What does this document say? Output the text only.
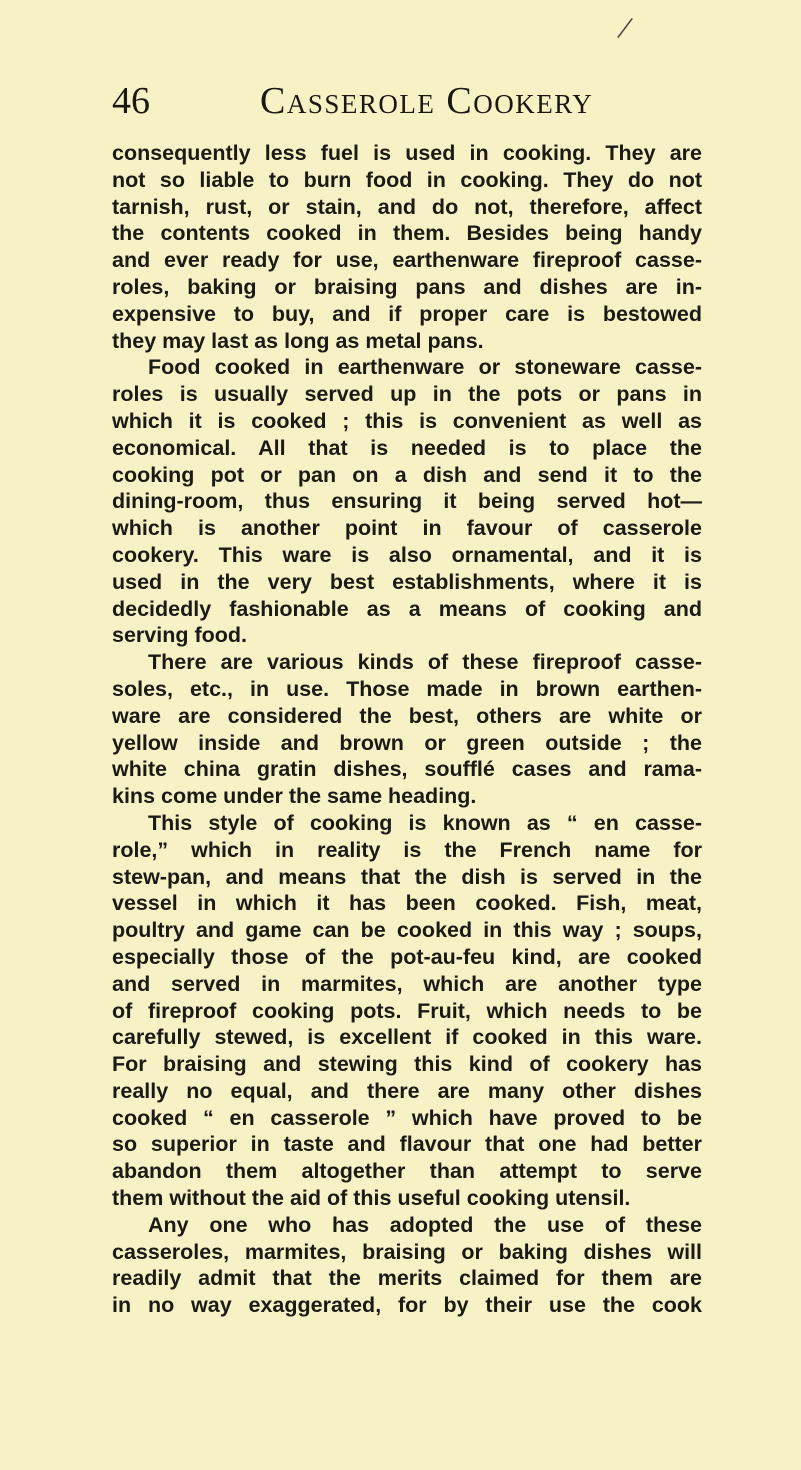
/
46	Casserole Cookery
consequently less fuel is used in cooking. They are
not so liable to burn food in cooking. They do not
tarnish, rust, or stain, and do not, therefore, affect
the contents cooked in them. Besides being handy
and ever ready for use, earthenware fireproof casse-
roles, baking or braising pans and dishes are in-
expensive to buy, and if proper care is bestowed
they may last as long as metal pans.
Food cooked in earthenware or stoneware casse-
roles is usually served up in the pots or pans in
which it is cooked ; this is convenient as well as
economical. All that is needed is to place the
cooking pot or pan on a dish and send it to the
dining-room, thus ensuring it being served hot—
which is another point in favour of casserole
cookery. This ware is also ornamental, and it is
used in the very best establishments, where it is
decidedly fashionable as a means of cooking and
serving food.
There are various kinds of these fireproof casse-
soles, etc., in use. Those made in brown earthen-
ware are considered the best, others are white or
yellow inside and brown or green outside ; the
white china gratin dishes, soufflé cases and rama-
kins come under the same heading.
This style of cooking is known as “ en casse-
role,” which in reality is the French name for
stew-pan, and means that the dish is served in the
vessel in which it has been cooked. Fish, meat,
poultry and game can be cooked in this way ; soups,
especially those of the pot-au-feu kind, are cooked
and served in marmites, which are another type
of fireproof cooking pots. Fruit, which needs to be
carefully stewed, is excellent if cooked in this ware.
For braising and stewing this kind of cookery has
really no equal, and there are many other dishes
cooked “ en casserole ” which have proved to be
so superior in taste and flavour that one had better
abandon them altogether than attempt to serve
them without the aid of this useful cooking utensil.
Any one who has adopted the use of these
casseroles, marmites, braising or baking dishes will
readily admit that the merits claimed for them are
in no way exaggerated, for by their use the cook
